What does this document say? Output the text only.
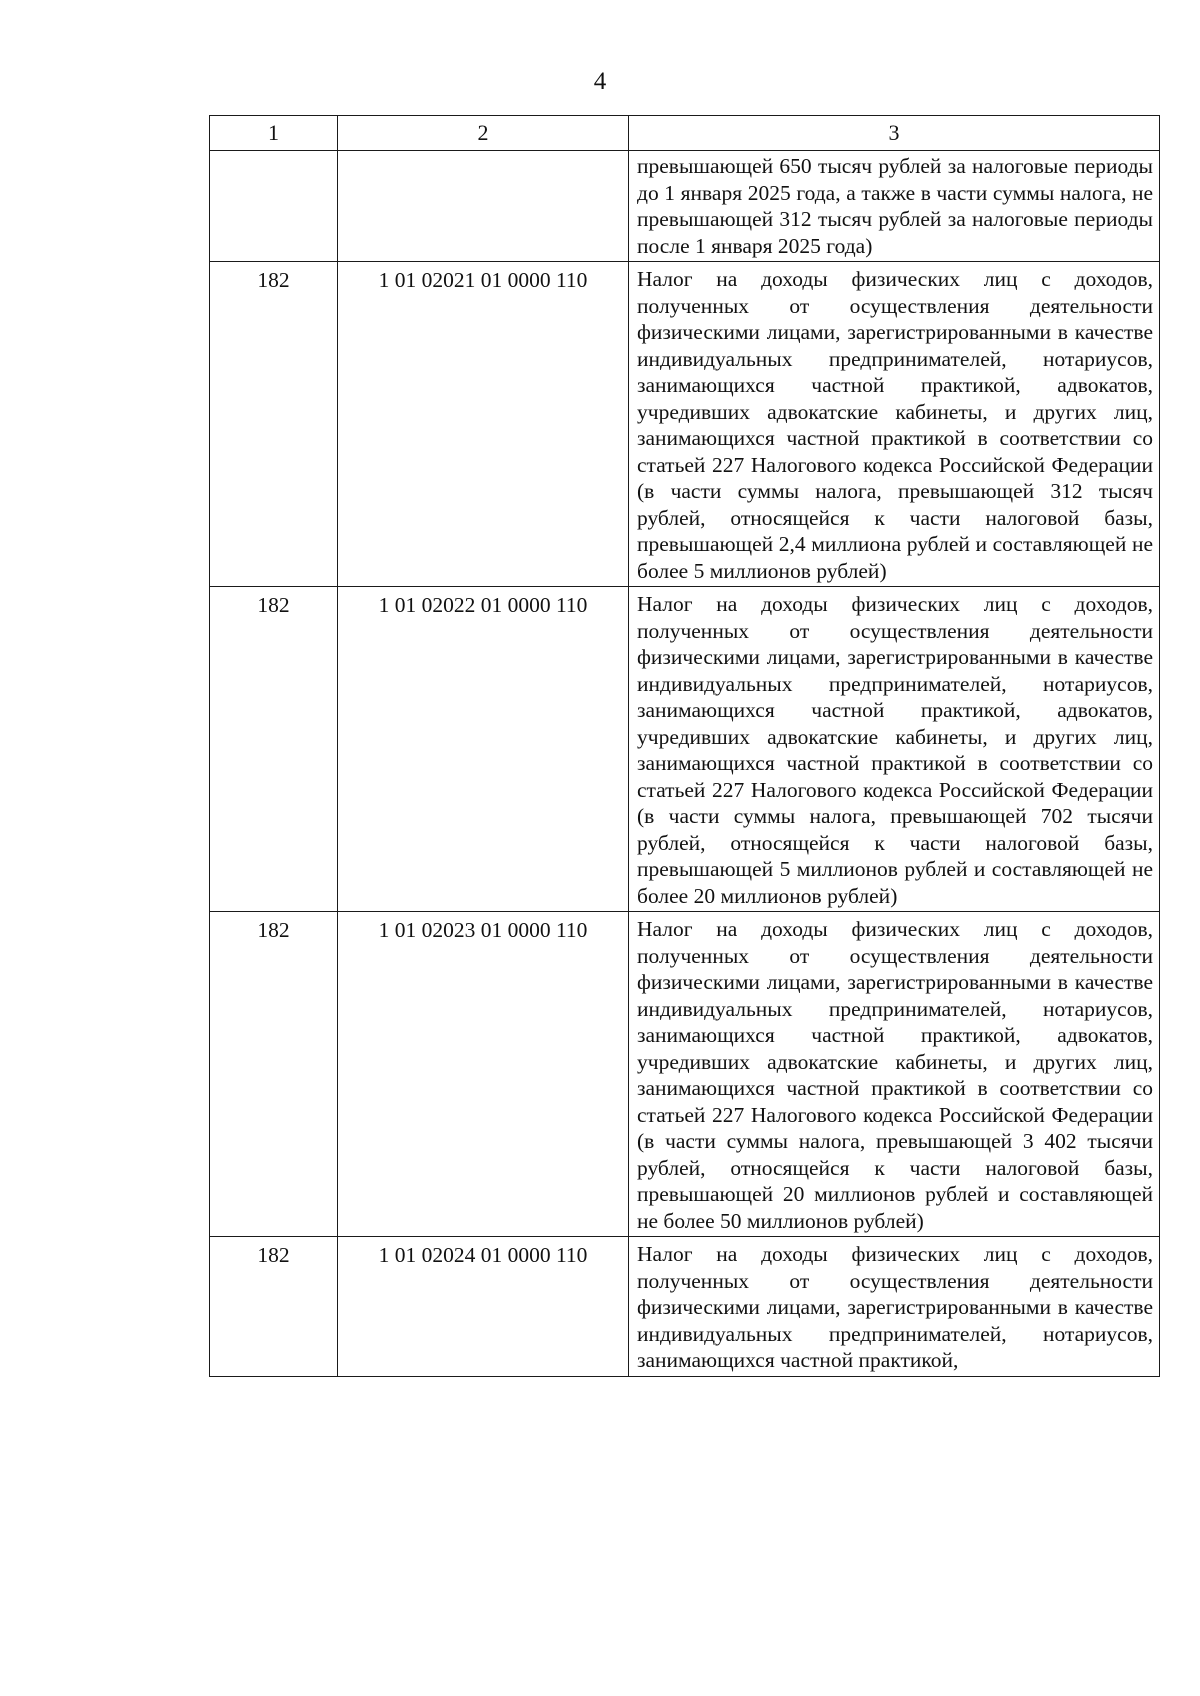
4
1	2	3
		превышающей 650 тысяч рублей за налоговые периоды до 1 января 2025 года, а также в части суммы налога, не превышающей 312 тысяч рублей за налоговые периоды после 1 января 2025 года)
182	1 01 02021 01 0000 110	Налог на доходы физических лиц с доходов, полученных от осуществления деятельности физическими лицами, зарегистрированными в качестве индивидуальных предпринимателей, нотариусов, занимающихся частной практикой, адвокатов, учредивших адвокатские кабинеты, и других лиц, занимающихся частной практикой в соответствии со статьей 227 Налогового кодекса Российской Федерации (в части суммы налога, превышающей 312 тысяч рублей, относящейся к части налоговой базы, превышающей 2,4 миллиона рублей и составляющей не более 5 миллионов рублей)
182	1 01 02022 01 0000 110	Налог на доходы физических лиц с доходов, полученных от осуществления деятельности физическими лицами, зарегистрированными в качестве индивидуальных предпринимателей, нотариусов, занимающихся частной практикой, адвокатов, учредивших адвокатские кабинеты, и других лиц, занимающихся частной практикой в соответствии со статьей 227 Налогового кодекса Российской Федерации (в части суммы налога, превышающей 702 тысячи рублей, относящейся к части налоговой базы, превышающей 5 миллионов рублей и составляющей не более 20 миллионов рублей)
182	1 01 02023 01 0000 110	Налог на доходы физических лиц с доходов, полученных от осуществления деятельности физическими лицами, зарегистрированными в качестве индивидуальных предпринимателей, нотариусов, занимающихся частной практикой, адвокатов, учредивших адвокатские кабинеты, и других лиц, занимающихся частной практикой в соответствии со статьей 227 Налогового кодекса Российской Федерации (в части суммы налога, превышающей 3 402 тысячи рублей, относящейся к части налоговой базы, превышающей 20 миллионов рублей и составляющей не более 50 миллионов рублей)
182	1 01 02024 01 0000 110	Налог на доходы физических лиц с доходов, полученных от осуществления деятельности физическими лицами, зарегистрированными в качестве индивидуальных предпринимателей, нотариусов, занимающихся частной практикой,
